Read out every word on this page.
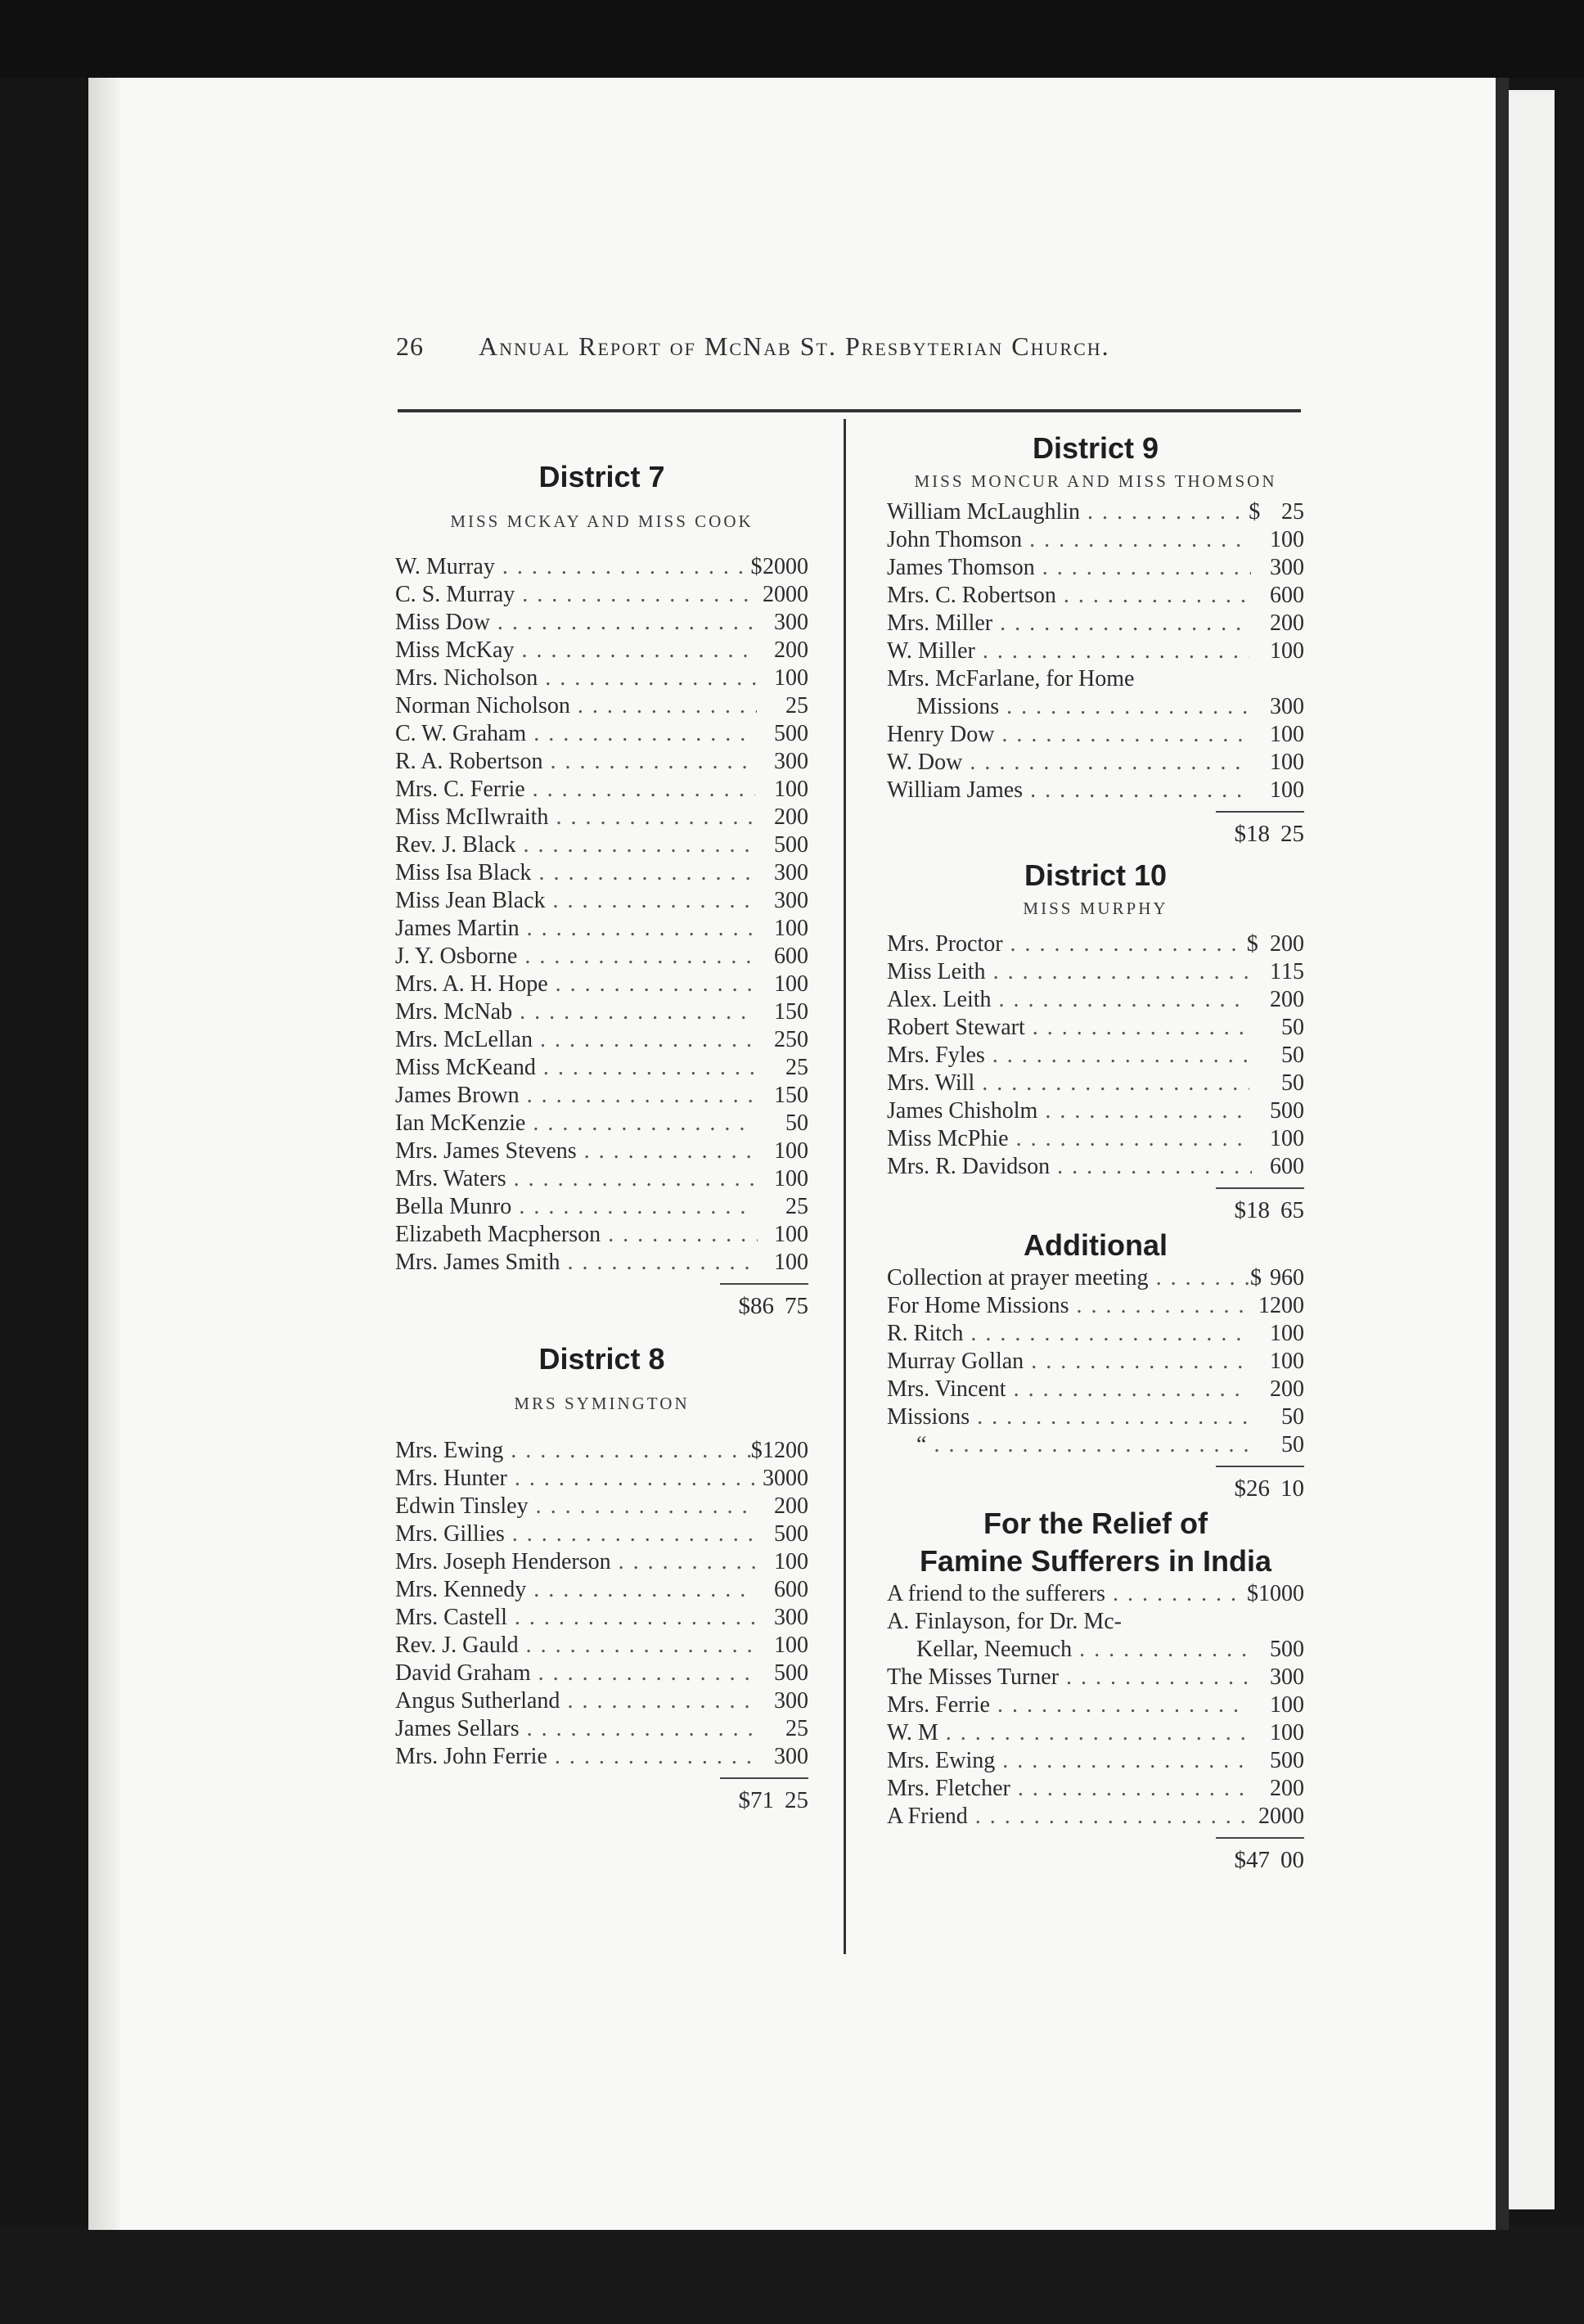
26 Annual Report of McNab St. Presbyterian Church.
District 7
MISS MCKAY AND MISS COOK
W. Murray . . .	$ 20 00
C. S. Murray . . .	20 00
Miss Dow . . .	3 00
Miss McKay . . .	2 00
Mrs. Nicholson . . .	1 00
Norman Nicholson . . .	25
C. W. Graham . . .	5 00
R. A. Robertson . . .	3 00
Mrs. C. Ferrie . . .	1 00
Miss McIlwraith . . .	2 00
Rev. J. Black . . .	5 00
Miss Isa Black . . .	3 00
Miss Jean Black . . .	3 00
James Martin . . .	1 00
J. Y. Osborne . . .	6 00
Mrs. A. H. Hope . . .	1 00
Mrs. McNab . . .	1 50
Mrs. McLellan . . .	2 50
Miss McKeand . . .	25
James Brown . . .	1 50
Ian McKenzie . . .	50
Mrs. James Stevens . . .	1 00
Mrs. Waters . . .	1 00
Bella Munro . . .	25
Elizabeth Macpherson . . .	1 00
Mrs. James Smith . . .	1 00
$86 75
District 8
MRS SYMINGTON
Mrs. Ewing . . .	$ 12 00
Mrs. Hunter . . .	30 00
Edwin Tinsley . . .	2 00
Mrs. Gillies . . .	5 00
Mrs. Joseph Henderson . . .	1 00
Mrs. Kennedy . . .	6 00
Mrs. Castell . . .	3 00
Rev. J. Gauld . . .	1 00
David Graham . . .	5 00
Angus Sutherland . . .	3 00
James Sellars . . .	25
Mrs. John Ferrie . . .	3 00
$71 25
District 9
MISS MONCUR AND MISS THOMSON
William McLaughlin . . .	$ 25
John Thomson . . .	1 00
James Thomson . . .	3 00
Mrs. C. Robertson . . .	6 00
Mrs. Miller . . .	2 00
W. Miller . . .	1 00
Mrs. McFarlane, for Home
Missions . . .	3 00
Henry Dow . . .	1 00
W. Dow . . .	1 00
William James . . .	1 00
$18 25
District 10
MISS MURPHY
Mrs. Proctor . . .	$ 2 00
Miss Leith . . .	1 15
Alex. Leith . . .	2 00
Robert Stewart . . .	50
Mrs. Fyles . . .	50
Mrs. Will . . .	50
James Chisholm . . .	5 00
Miss McPhie . . .	1 00
Mrs. R. Davidson . . .	6 00
$18 65
Additional
Collection at prayer meeting . . .	$ 9 60
For Home Missions . . .	12 00
R. Ritch . . .	1 00
Murray Gollan . . .	1 00
Mrs. Vincent . . .	2 00
Missions . . .	50
“ . . .	50
$26 10
For the Relief of
Famine Sufferers in India
A friend to the sufferers . . .	$ 10 00
A. Finlayson, for Dr. Mc-
Kellar, Neemuch . . .	5 00
The Misses Turner . . .	3 00
Mrs. Ferrie . . .	1 00
W. M . . .	1 00
Mrs. Ewing . . .	5 00
Mrs. Fletcher . . .	2 00
A Friend . . .	20 00
$47 00
